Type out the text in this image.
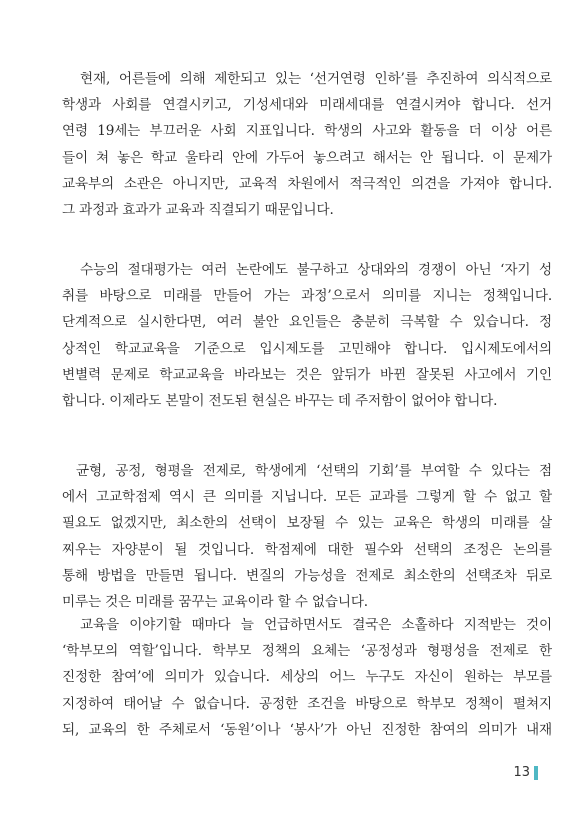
현재, 어른들에 의해 제한되고 있는 ‘선거연령 인하’를 추진하여 의식적으로
학생과 사회를 연결시키고, 기성세대와 미래세대를 연결시켜야 합니다. 선거
연령 19세는 부끄러운 사회 지표입니다. 학생의 사고와 활동을 더 이상 어른
들이 쳐 놓은 학교 울타리 안에 가두어 놓으려고 해서는 안 됩니다. 이 문제가
교육부의 소관은 아니지만, 교육적 차원에서 적극적인 의견을 가져야 합니다.
그 과정과 효과가 교육과 직결되기 때문입니다.

수능의 절대평가는 여러 논란에도 불구하고 상대와의 경쟁이 아닌 ‘자기 성
취를 바탕으로 미래를 만들어 가는 과정’으로서 의미를 지니는 정책입니다.
단계적으로 실시한다면, 여러 불안 요인들은 충분히 극복할 수 있습니다. 정
상적인 학교교육을 기준으로 입시제도를 고민해야 합니다. 입시제도에서의
변별력 문제로 학교교육을 바라보는 것은 앞뒤가 바뀐 잘못된 사고에서 기인
합니다. 이제라도 본말이 전도된 현실은 바꾸는 데 주저함이 없어야 합니다.

균형, 공정, 형평을 전제로, 학생에게 ‘선택의 기회’를 부여할 수 있다는 점
에서 고교학점제 역시 큰 의미를 지닙니다. 모든 교과를 그렇게 할 수 없고 할
필요도 없겠지만, 최소한의 선택이 보장될 수 있는 교육은 학생의 미래를 살
찌우는 자양분이 될 것입니다. 학점제에 대한 필수와 선택의 조정은 논의를
통해 방법을 만들면 됩니다. 변질의 가능성을 전제로 최소한의 선택조차 뒤로
미루는 것은 미래를 꿈꾸는 교육이라 할 수 없습니다.

교육을 이야기할 때마다 늘 언급하면서도 결국은 소홀하다 지적받는 것이
‘학부모의 역할’입니다. 학부모 정책의 요체는 ‘공정성과 형평성을 전제로 한
진정한 참여’에 의미가 있습니다. 세상의 어느 누구도 자신이 원하는 부모를
지정하여 태어날 수 없습니다. 공정한 조건을 바탕으로 학부모 정책이 펼쳐지
되, 교육의 한 주체로서 ‘동원’이나 ‘봉사’가 아닌 진정한 참여의 의미가 내재

13
